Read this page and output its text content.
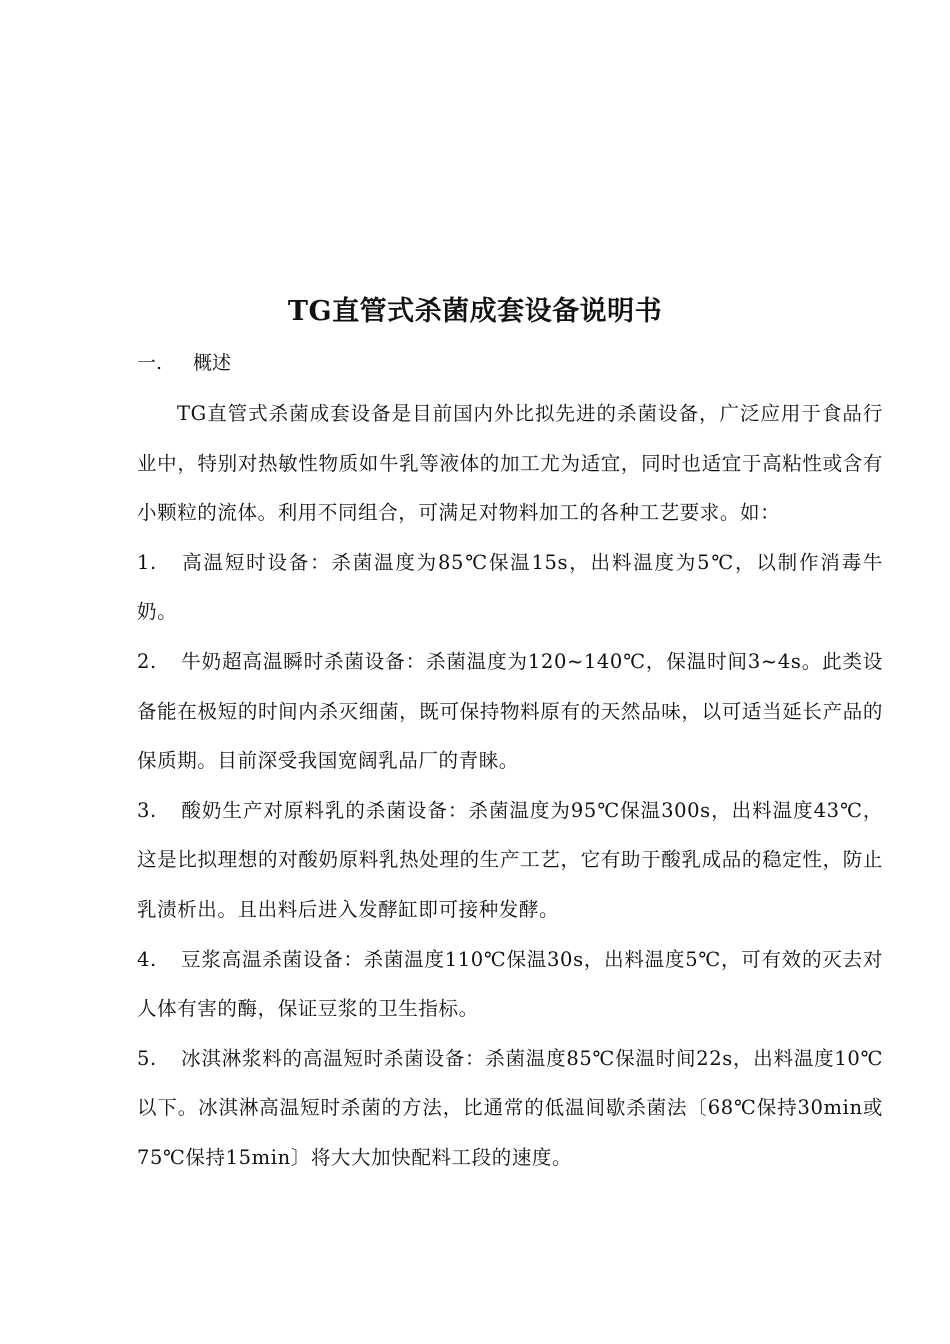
TG直管式杀菌成套设备说明书
一. 概述

TG直管式杀菌成套设备是目前国内外比拟先进的杀菌设备，广泛应用于食品行业中，特别对热敏性物质如牛乳等液体的加工尤为适宜，同时也适宜于高粘性或含有小颗粒的流体。利用不同组合，可满足对物料加工的各种工艺要求。如：

1. 高温短时设备：杀菌温度为85℃保温15s，出料温度为5℃，以制作消毒牛奶。

2. 牛奶超高温瞬时杀菌设备：杀菌温度为120~140℃，保温时间3~4s。此类设备能在极短的时间内杀灭细菌，既可保持物料原有的天然品味，以可适当延长产品的保质期。目前深受我国宽阔乳品厂的青睐。

3. 酸奶生产对原料乳的杀菌设备：杀菌温度为95℃保温300s，出料温度43℃，这是比拟理想的对酸奶原料乳热处理的生产工艺，它有助于酸乳成品的稳定性，防止乳渍析出。且出料后进入发酵缸即可接种发酵。

4. 豆浆高温杀菌设备：杀菌温度110℃保温30s，出料温度5℃，可有效的灭去对人体有害的酶，保证豆浆的卫生指标。

5. 冰淇淋浆料的高温短时杀菌设备：杀菌温度85℃保温时间22s，出料温度10℃以下。冰淇淋高温短时杀菌的方法，比通常的低温间歇杀菌法〔68℃保持30min或75℃保持15min〕将大大加快配料工段的速度。
